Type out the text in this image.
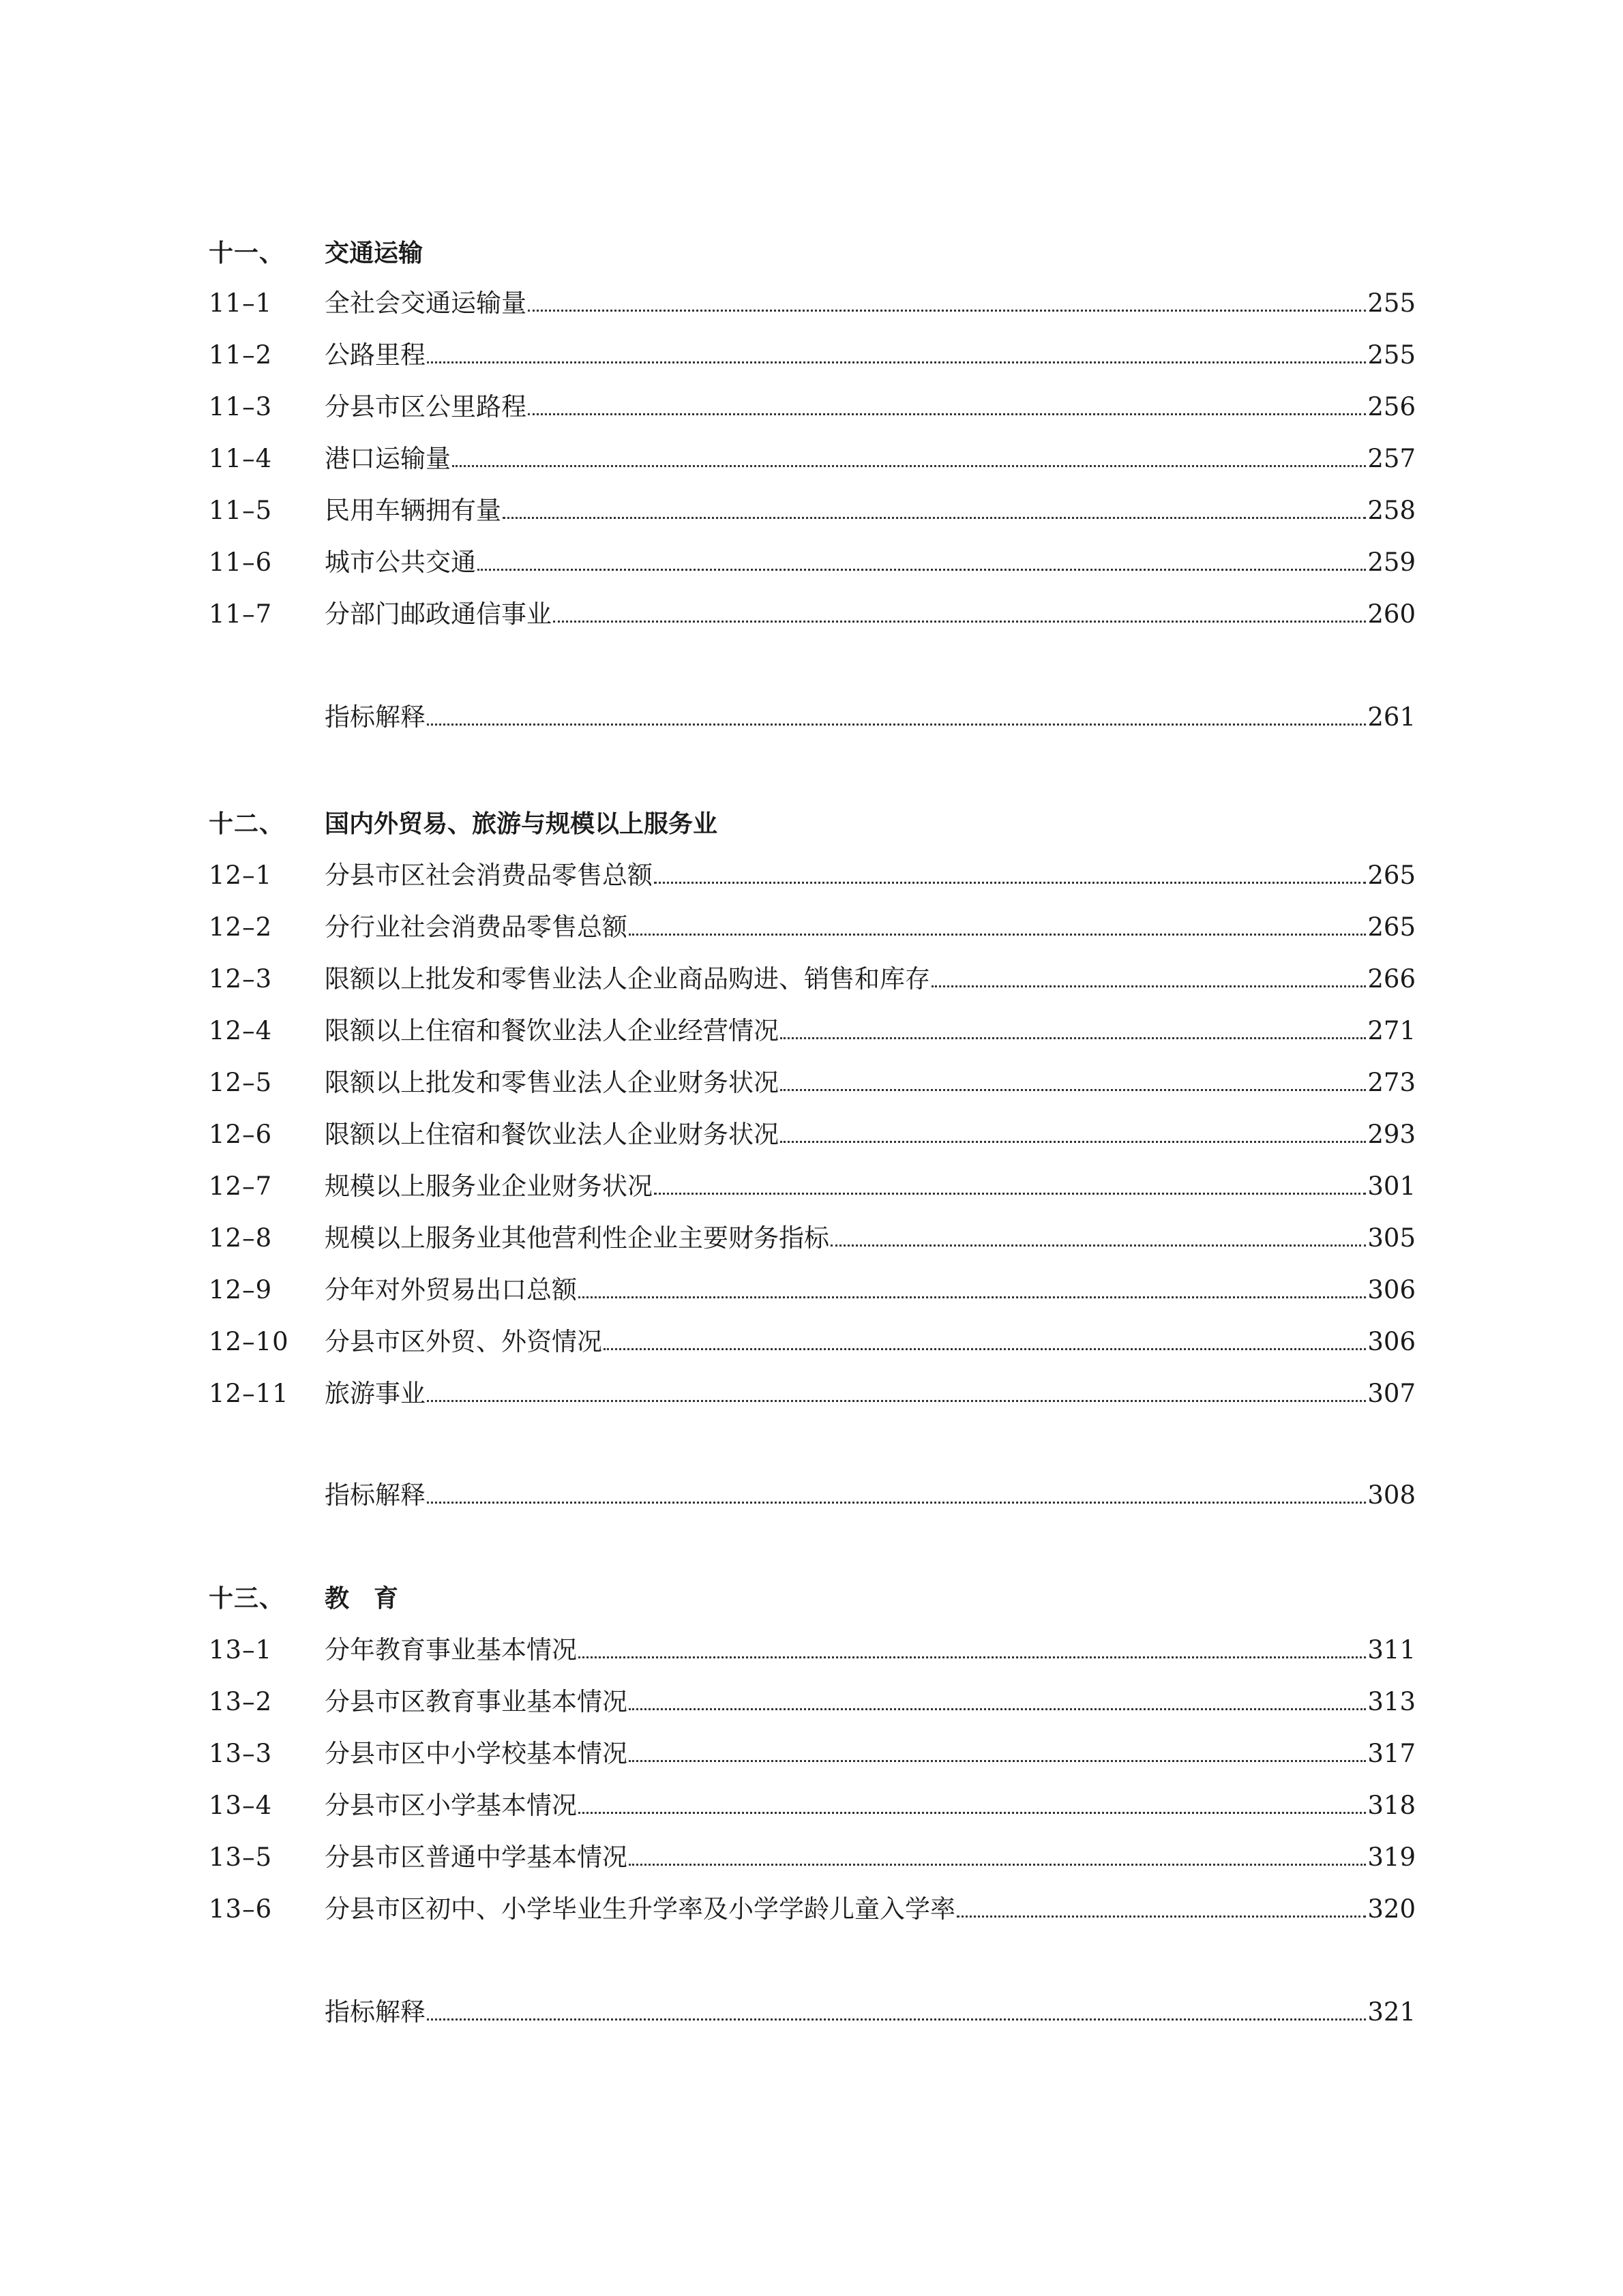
十一、 交通运输
11–1 全社会交通运输量	255
11–2 公路里程	255
11–3 分县市区公里路程	256
11–4 港口运输量	257
11–5 民用车辆拥有量	258
11–6 城市公共交通	259
11–7 分部门邮政通信事业	260
指标解释	261
十二、 国内外贸易、旅游与规模以上服务业
12–1 分县市区社会消费品零售总额	265
12–2 分行业社会消费品零售总额	265
12–3 限额以上批发和零售业法人企业商品购进、销售和库存	266
12–4 限额以上住宿和餐饮业法人企业经营情况	271
12–5 限额以上批发和零售业法人企业财务状况	273
12–6 限额以上住宿和餐饮业法人企业财务状况	293
12–7 规模以上服务业企业财务状况	301
12–8 规模以上服务业其他营利性企业主要财务指标	305
12–9 分年对外贸易出口总额	306
12–10 分县市区外贸、外资情况	306
12–11 旅游事业	307
指标解释	308
十三、 教　育
13–1 分年教育事业基本情况	311
13–2 分县市区教育事业基本情况	313
13–3 分县市区中小学校基本情况	317
13–4 分县市区小学基本情况	318
13–5 分县市区普通中学基本情况	319
13–6 分县市区初中、小学毕业生升学率及小学学龄儿童入学率	320
指标解释	321
